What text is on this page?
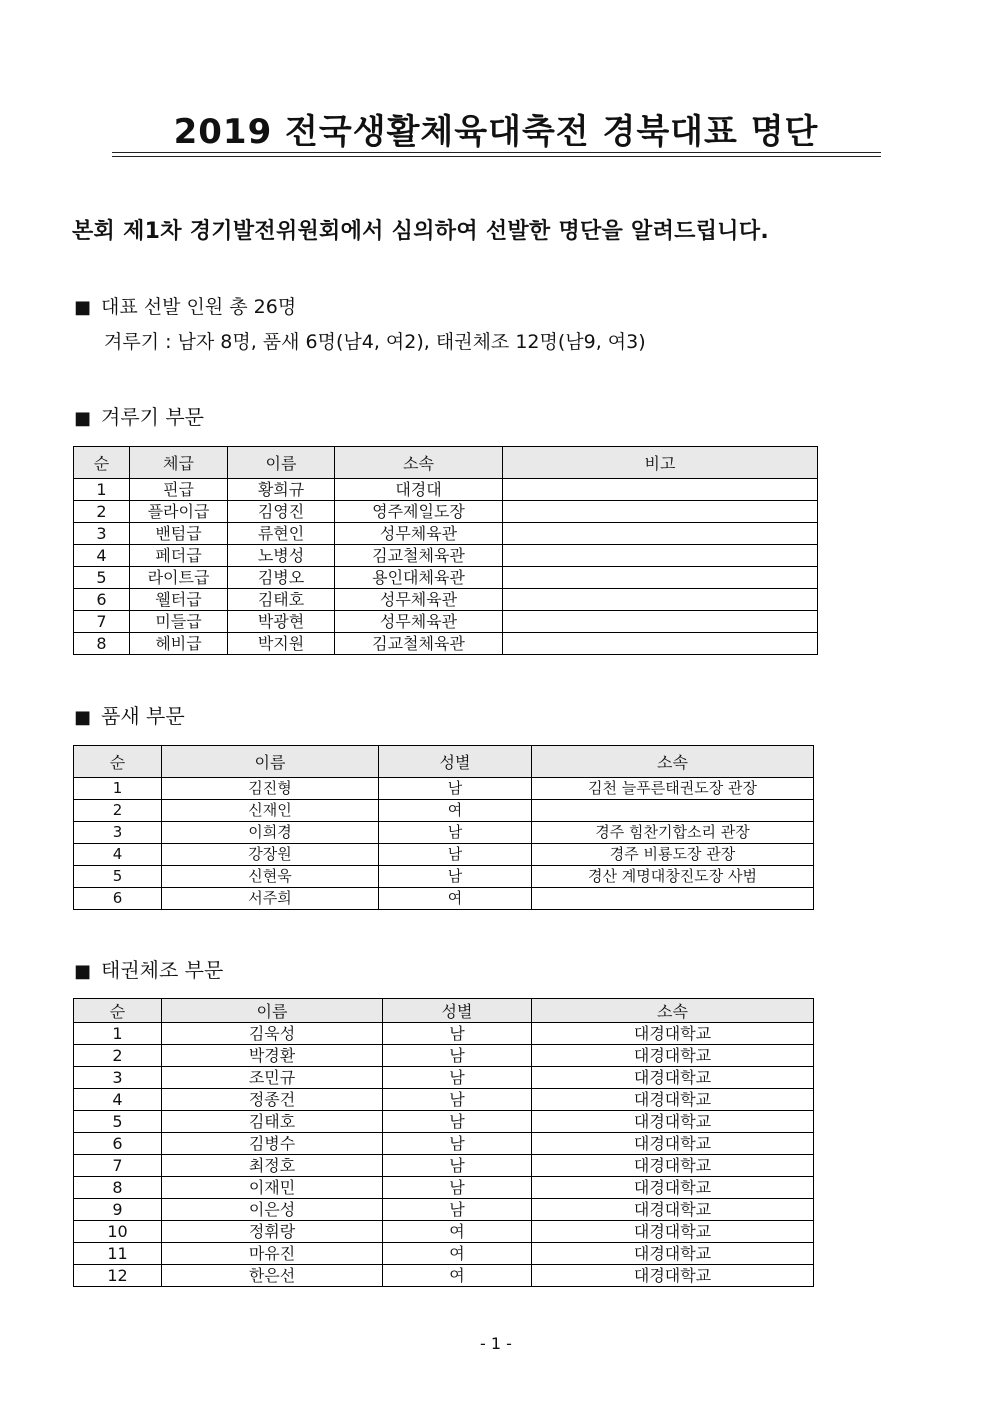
2019 전국생활체육대축전 경북대표 명단
본회 제1차 경기발전위원회에서 심의하여 선발한 명단을 알려드립니다.
■ 대표 선발 인원 총 26명
겨루기 : 남자 8명, 품새 6명(남4, 여2), 태권체조 12명(남9, 여3)
■ 겨루기 부문
순	체급	이름	소속	비고
1	핀급	황희규	대경대	
2	플라이급	김영진	영주제일도장	
3	밴텀급	류현인	성무체육관	
4	페더급	노병성	김교철체육관	
5	라이트급	김병오	용인대체육관	
6	웰터급	김태호	성무체육관	
7	미들급	박광현	성무체육관	
8	헤비급	박지원	김교철체육관	
■ 품새 부문
순	이름	성별	소속
1	김진형	남	김천 늘푸른태권도장 관장
2	신재인	여	
3	이희경	남	경주 힘찬기합소리 관장
4	강장원	남	경주 비룡도장 관장
5	신현욱	남	경산 계명대창진도장 사범
6	서주희	여	
■ 태권체조 부문
순	이름	성별	소속
1	김욱성	남	대경대학교
2	박경환	남	대경대학교
3	조민규	남	대경대학교
4	정종건	남	대경대학교
5	김태호	남	대경대학교
6	김병수	남	대경대학교
7	최정호	남	대경대학교
8	이재민	남	대경대학교
9	이은성	남	대경대학교
10	정휘랑	여	대경대학교
11	마유진	여	대경대학교
12	한은선	여	대경대학교
- 1 -
